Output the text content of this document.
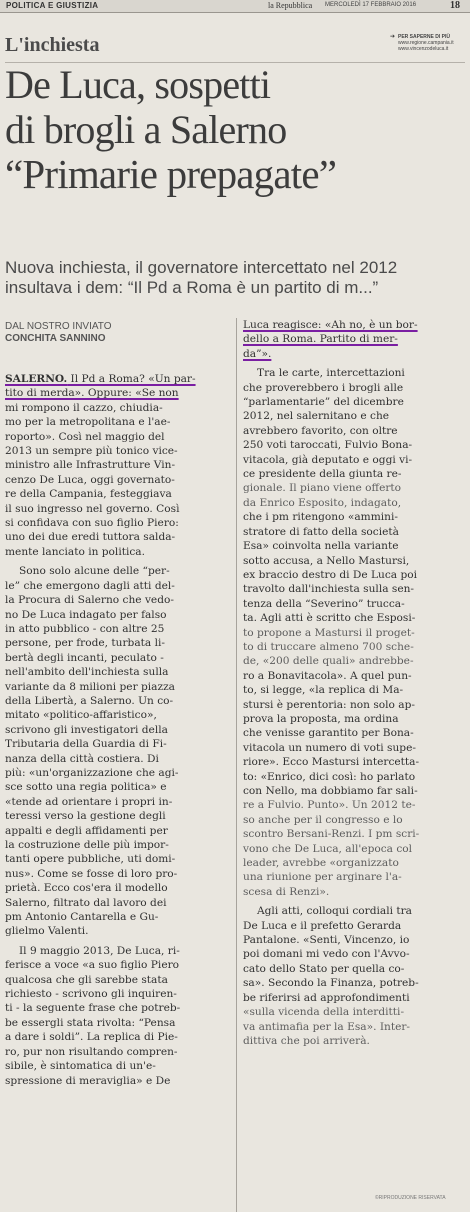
POLITICA E GIUSTIZIA	la Repubblica MERCOLEDÌ 17 FEBBRAIO 2016	18
L'inchiesta	➔ PER SAPERNE DI PIÙ
www.regione.campania.it
www.vincenzodeluca.it
De Luca, sospetti
di brogli a Salerno
“Primarie prepagate”
Nuova inchiesta, il governatore intercettato nel 2012 insultava i dem: “Il Pd a Roma è un partito di m...”
DAL NOSTRO INVIATO
CONCHITA SANNINO
SALERNO. Il Pd a Roma? «Un par-
tito di merda». Oppure: «Se non
mi rompono il cazzo, chiudia-
mo per la metropolitana e l'ae-
roporto». Così nel maggio del
2013 un sempre più tonico vice-
ministro alle Infrastrutture Vin-
cenzo De Luca, oggi governato-
re della Campania, festeggiava
il suo ingresso nel governo. Così
si confidava con suo figlio Piero:
uno dei due eredi tuttora salda-
mente lanciato in politica.
Sono solo alcune delle “per-
le” che emergono dagli atti del-
la Procura di Salerno che vedo-
no De Luca indagato per falso
in atto pubblico - con altre 25
persone, per frode, turbata li-
bertà degli incanti, peculato -
nell'ambito dell'inchiesta sulla
variante da 8 milioni per piazza
della Libertà, a Salerno. Un co-
mitato «politico-affaristico»,
scrivono gli investigatori della
Tributaria della Guardia di Fi-
nanza della città costiera. Di
più: «un'organizzazione che agi-
sce sotto una regia politica» e
«tende ad orientare i propri in-
teressi verso la gestione degli
appalti e degli affidamenti per
la costruzione delle più impor-
tanti opere pubbliche, uti domi-
nus». Come se fosse di loro pro-
prietà. Ecco cos'era il modello
Salerno, filtrato dal lavoro dei
pm Antonio Cantarella e Gu-
glielmo Valenti.
Il 9 maggio 2013, De Luca, ri-
ferisce a voce «a suo figlio Piero
qualcosa che gli sarebbe stata
richiesto - scrivono gli inquiren-
ti - la seguente frase che potreb-
be essergli stata rivolta: “Pensa
a dare i soldi”. La replica di Pie-
ro, pur non risultando compren-
sibile, è sintomatica di un'e-
spressione di meraviglia» e De
Luca reagisce: «Ah no, è un bor-
dello a Roma. Partito di mer-
da”».
Tra le carte, intercettazioni
che proverebbero i brogli alle
“parlamentarie” del dicembre
2012, nel salernitano e che
avrebbero favorito, con oltre
250 voti taroccati, Fulvio Bona-
vitacola, già deputato e oggi vi-
ce presidente della giunta re-
gionale. Il piano viene offerto
da Enrico Esposito, indagato,
che i pm ritengono «ammini-
stratore di fatto della società
Esa» coinvolta nella variante
sotto accusa, a Nello Mastursi,
ex braccio destro di De Luca poi
travolto dall'inchiesta sulla sen-
tenza della “Severino” trucca-
ta. Agli atti è scritto che Esposi-
to propone a Mastursi il proget-
to di truccare almeno 700 sche-
de, «200 delle quali» andrebbe-
ro a Bonavitacola». A quel pun-
to, si legge, «la replica di Ma-
stursi è perentoria: non solo ap-
prova la proposta, ma ordina
che venisse garantito per Bona-
vitacola un numero di voti supe-
riore». Ecco Mastursi intercetta-
to: «Enrico, dici così: ho parlato
con Nello, ma dobbiamo far sali-
re a Fulvio. Punto». Un 2012 te-
so anche per il congresso e lo
scontro Bersani-Renzi. I pm scri-
vono che De Luca, all'epoca col
leader, avrebbe «organizzato
una riunione per arginare l'a-
scesa di Renzi».
Agli atti, colloqui cordiali tra
De Luca e il prefetto Gerarda
Pantalone. «Senti, Vincenzo, io
poi domani mi vedo con l'Avvo-
cato dello Stato per quella co-
sa». Secondo la Finanza, potreb-
be riferirsi ad approfondimenti
«sulla vicenda della interditti-
va antimafia per la Esa». Inter-
dittiva che poi arriverà.
©RIPRODUZIONE RISERVATA
